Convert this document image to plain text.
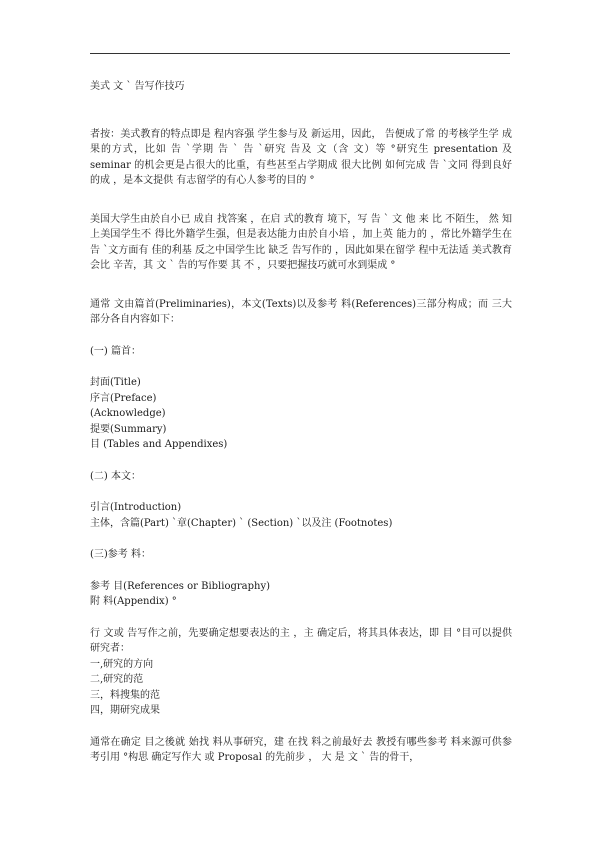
美式 文 ˋ 告写作技巧

者按：美式教育的特点即是 程内容强 学生参与及 新运用，因此， 告便成了常 的考核学生学 成果的方式，比如 告 ˋ学期 告 ˋ 告 ˋ研究 告及 文（含 文）等 °研究生 presentation 及 seminar 的机会更是占很大的比重，有些甚至占学期成 很大比例 如何完成 告 ˋ文同 得到良好的成 ，是本文提供 有志留学的有心人参考的目的 °

美国大学生由於自小已 成自 找答案 ，在启 式的教育 境下，写 告 ˋ 文 他 来 比 不陌生， 然 知 上美国学生不 得比外籍学生强，但是表达能力由於自小培 ，加上英 能力的 ，常比外籍学生在 告 ˋ文方面有 佳的利基 反之中国学生比 缺乏 告写作的 ，因此如果在留学 程中无法适 美式教育会比 辛苦，其 文 ˋ 告的写作要 其 不 ，只要把握技巧就可水到渠成 °

通常 文由篇首(Preliminaries)，本文(Texts)以及参考 料(References)三部分构成；而 三大部分各自内容如下：

(一) 篇首：
封面(Title)
序言(Preface)
(Acknowledge)
提要(Summary)
目 (Tables and Appendixes)
(二) 本文：
引言(Introduction)
主体，含篇(Part) ˋ章(Chapter) ˋ (Section) ˋ以及注 (Footnotes)
(三)参考 料：
参考 目(References or Bibliography)
附 料(Appendix) °

行 文或 告写作之前，先要确定想要表达的主 ，主 确定后，将其具体表达，即 目 °目可以提供研究者：

一,研究的方向
二,研究的范
三，料搜集的范
四，期研究成果

通常在确定 目之後就 始找 料从事研究，建 在找 料之前最好去 教授有哪些参考 料来源可供参考引用 °构思 确定写作大 或 Proposal 的先前步 ， 大 是 文 ˋ 告的骨干，
